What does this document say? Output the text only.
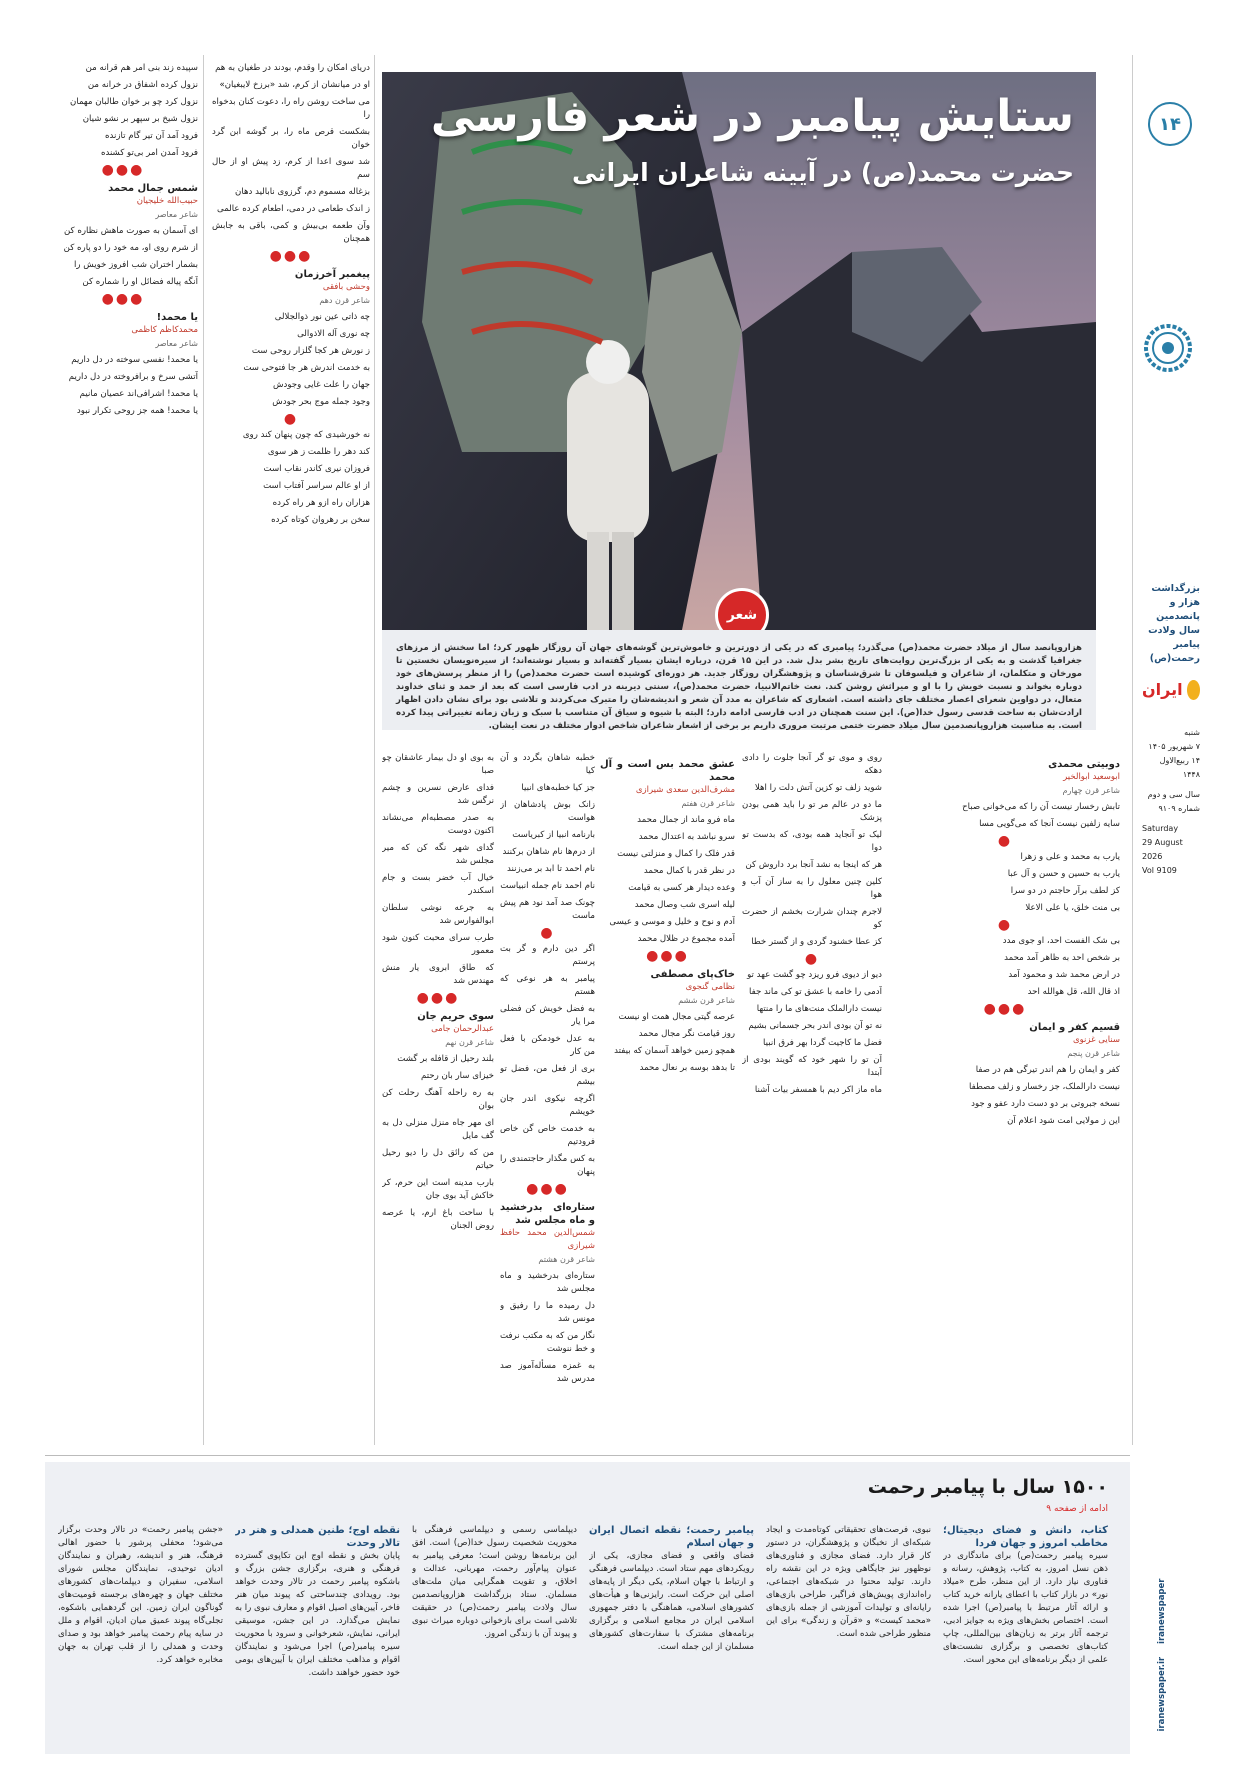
۱۴
بزرگداشت هزار و پانصدمین سال ولادت پیامبر رحمت(ص)
ایران
شنبه
۷ شهریور ۱۴۰۵
۱۴ ربیع‌الاول ۱۴۴۸
سال سی و دوم
شماره ۹۱۰۹
Saturday
29 August 2026
Vol 9109
iranewspaper.ir iranewspaper
ستایش پیامبر در شعر فارسی
حضرت محمد(ص) در آیینه شاعران ایرانی
شعر
هزاروپانصد سال از میلاد حضرت محمد(ص) می‌گذرد؛ پیامبری که در یکی از دورترین و خاموش‌ترین گوشه‌های جهان آن روزگار ظهور کرد؛ اما سخنش از مرزهای جغرافیا گذشت و به یکی از بزرگ‌ترین روایت‌های تاریخ بشر بدل شد. در این ۱۵ قرن، درباره ایشان بسیار گفته‌اند و بسیار نوشته‌اند؛ از سیره‌نویسان نخستین تا مورخان و متکلمان، از شاعران و فیلسوفان تا شرق‌شناسان و پژوهشگران روزگار جدید. هر دوره‌ای کوشیده است حضرت محمد(ص) را از منظر پرسش‌های خود دوباره بخواند و نسبت خویش را با او و میراثش روشن کند. نعت خاتم‌الانبیا، حضرت محمد(ص)، سنتی دیرینه در ادب فارسی است که بعد از حمد و ثنای خداوند متعال، در دواوین شعرای اعصار مختلف جای داشته است. اشعاری که شاعران به مدد آن شعر و اندیشه‌شان را متبرک می‌کردند و تلاشی بود برای نشان دادن اظهار ارادت‌شان به ساحت قدسی رسول خدا(ص). این سنت همچنان در ادب فارسی ادامه دارد؛ البته با شیوه و سیاق آن متناسب با سبک و زبان زمانه تغییراتی پیدا کرده است. به مناسبت هزاروپانصدمین سال میلاد حضرت ختمی مرتبت مروری داریم بر برخی از اشعار شاعران شاخص ادوار مختلف در نعت ایشان.
دوبیتی محمدی
ابوسعید ابوالخیر
شاعر قرن چهارم

تابش رخسار نیست آن را که می‌خوانی صباح

سایه زلفین نیست آنجا که می‌گویی مسا

●

یارب به محمد و علی و زهرا

یارب به حسین و حسن و آل عبا

کز لطف برآر حاجتم در دو سرا

بی منت خلق، یا علی الاعلا

●

بی شک الفست احد، او جوی مدد

بر شخص احد به ظاهر آمد محمد

در ارض محمد شد و محمود آمد

اذ قال الله، قل هوالله احد

●●●
قسیم کفر و ایمان
سنایی غزنوی
شاعر قرن پنجم

کفر و ایمان را هم اندر تیرگی هم در صفا

نیست دارالملک، جز رخسار و زلف مصطفا

نسخه جبروتی بر دو دست دارد عفو و جود

این ز مولایی امت شود اعلام آن

روی و موی تو گر آنجا جلوت را دادی دهکه

شوید زلف تو کزین آتش دلت را اهلا

ما دو در عالم مر تو را باید همی بودن پزشک

لیک تو آنجاید همه بودی، که بدست تو دوا

هر که اینجا به نشد آنجا برد داروش کن

کلین چنین معلول را به ساز آن آب و هوا

لاجرم چندان شرارت بخشم از حضرت کو

کز عطا خشنود گردی و از گستر خطا

●

دیو از دیوی فرو ریزد چو گشت عهد تو

آدمی را خامه با عشق تو کی ماند جفا

نیست دارالملک منت‌های ما را منتها

نه تو آن بودی اندر بحر جسمانی بشیم

فضل ما کاجیت گردا بهر فرق انبیا

آن تو را شهر خود که گویند بودی از آبتدا

ماه ماز اکر دیم با همسفر بیات آشنا

عشق محمد بس است و آل محمد
مشرف‌الدین سعدی شیرازی
شاعر قرن هفتم

ماه فرو ماند از جمال محمد

سرو نباشد به اعتدال محمد

قدر فلک را کمال و منزلتی نیست

در نظر قدر با کمال محمد

وعده دیدار هر کسی به قیامت

لیله اسری شب وصال محمد

آدم و نوح و خلیل و موسی و عیسی

آمده مجموع در ظلال محمد

●●●
خاک‌پای مصطفی
نظامی گنجوی
شاعر قرن ششم

عرصه گیتی مجال همت او نیست

روز قیامت نگر مجال محمد

همچو زمین خواهد آسمان که بیفتد

تا بدهد بوسه بر نعال محمد

خطبه شاهان بگردد و آن کیا

جز کیا خطبه‌های انبیا

زانک بوش پادشاهان از هواست

بارنامه انبیا از کبریاست

از درم‌ها نام شاهان برکنند

نام احمد تا ابد بر می‌زنند

نام احمد نام جمله انبیاست

چونک صد آمد نود هم پیش ماست

●

اگر دین دارم و گر بت پرستم

پیامبر به هر نوعی که هستم

به فضل خویش کن فضلی مرا یار

به عدل خودمکن با فعل من کار

بری از فعل من، فضل تو بیشم

اگرچه نیکوی اندر جان خویشم

به خدمت خاص گن خاص فرودتیم

به کس مگذار حاجتمندی را پنهان

●●●
ستاره‌ای بدرخشید و ماه مجلس شد
شمس‌الدین محمد حافظ شیرازی
شاعر قرن هشتم

ستاره‌ای بدرخشید و ماه مجلس شد

دل رمیده ما را رفیق و مونس شد

نگار من که به مکتب نرفت و خط ننوشت

به غمزه مسأله‌آموز صد مدرس شد

به بوی او دل بیمار عاشقان چو صبا

فدای عارض نسرین و چشم نرگس شد

به صدر مصطبه‌ام می‌نشاند اکنون دوست

گدای شهر نگه کن که میر مجلس شد

خیال آب خضر بست و جام اسکندر

به جرعه نوشی سلطان ابوالفوارس شد

طرب سرای محبت کنون شود معمور

که طاق ابروی یار منش مهندس شد

●●●
سوی حریم جان
عبدالرحمان جامی
شاعر قرن نهم

بلند رحیل از قافله بر گشت

خیزای سار بان رحتم

به ره راحله آهنگ رحلت کن بوان

ای مهر جاه منزل منزلی دل به گف مایل

من که رائق دل را دیو رحیل حیاتم

بارب مدینه است این حرم، کر خاکش آید بوی جان

با ساحت باغ ارم، یا عرصه روض الجنان

دریای امکان را وقدم، بودند در طغیان به هم

او در میانشان از کرم، شد «برزخ لایبغیان»

می ساخت روشن راه را، دعوت کنان بدخواه را

بشکست قرص ماه را، بر گوشه ابن گرد خوان

شد سوی اعدا از کرم، زد پیش او از حال سم

بزغاله مسموم دم، گرزوی نابالید دهان

ز اندک طعامی در دمی، اطعام کرده عالمی

وآن طعمه بی‌بیش و کمی، باقی به جابش همچنان

●●●
پیغمبر آخرزمان
وحشی بافقی
شاعر قرن دهم

چه ذاتی عین نور ذوالجلالی

چه نوری آله الاذوالی

ز نورش هر کجا گلزار روحی ست

به خدمت اندرش هر جا فتوحی ست

جهان را علت غایی وجودش

وجود جمله موج بحر جودش

●

نه خورشیدی که چون پنهان کند روی

کند دهر را ظلمت ز هر سوی

فروزان نیری کاندر نقاب است

از او عالم سراسر آفتاب است

هزاران راه ازو هر راه کرده

سخن بر رهروان کوتاه کرده

سپیده زند بنی امر هم قرانه من

نزول کرده اشفاق در خرانه من

نزول کرد چو بر خوان طالبان مهمان

نزول شیخ بر سپهر بر نشو شیان

فرود آمد آن تیر گام تازنده

فرود آمدن امر بی‌تو کشنده

●●●
شمس جمال محمد
حبیب‌الله خلیجیان
شاعر معاصر

ای آسمان به صورت ماهش نظاره کن

از شرم روی او، مه خود را دو پاره کن

بشمار اختران شب افروز خویش را

آنگه پیاله فضائل او را شماره کن

●●●
یا محمد!
محمدکاظم کاظمی
شاعر معاصر

یا محمد! نفسی سوخته در دل داریم

آتشی سرخ و برافروخته در دل داریم

یا محمد! اشرافی‌اند عصیان مانیم

یا محمد! همه جز روحی تکرار نبود

۱۵۰۰ سال با پیامبر رحمت
ادامه از صفحه ۹
کتاب، دانش و فضای دیجیتال؛ مخاطب امروز و جهان فردا
سیره پیامبر رحمت(ص) برای ماندگاری در ذهن نسل امروز، به کتاب، پژوهش، رسانه و فناوری نیاز دارد. از این منظر، طرح «میلاد نور» در بازار کتاب با اعطای یارانه خرید کتاب و ارائه آثار مرتبط با پیامبر(ص) اجرا شده است. اختصاص بخش‌های ویژه به جوایز ادبی، ترجمه آثار برتر به زبان‌های بین‌المللی، چاپ کتاب‌های تخصصی و برگزاری نشست‌های علمی از دیگر برنامه‌های این محور است.
نبوی، فرصت‌های تحقیقاتی کوتاه‌مدت و ایجاد شبکه‌ای از نخبگان و پژوهشگران، در دستور کار قرار دارد. فضای مجازی و فناوری‌های نوظهور نیز جایگاهی ویژه در این نقشه راه دارند. تولید محتوا در شبکه‌های اجتماعی، راه‌اندازی پویش‌های فراگیر، طراحی بازی‌های رایانه‌ای و تولیدات آموزشی از جمله بازی‌های «محمد کیست» و «قرآن و زندگی» برای این منظور طراحی شده است.
پیامبر رحمت؛ نقطه اتصال ایران و جهان اسلام
فضای واقعی و فضای مجازی، یکی از رویکردهای مهم ستاد است. دیپلماسی فرهنگی و ارتباط با جهان اسلام، یکی دیگر از پایه‌های اصلی این حرکت است. رایزنی‌ها و هیأت‌های کشورهای اسلامی، هماهنگی با دفتر جمهوری اسلامی ایران در مجامع اسلامی و برگزاری برنامه‌های مشترک با سفارت‌های کشورهای مسلمان از این جمله است.
دیپلماسی رسمی و دیپلماسی فرهنگی با محوریت شخصیت رسول خدا(ص) است. افق این برنامه‌ها روشن است؛ معرفی پیامبر به عنوان پیام‌آور رحمت، مهربانی، عدالت و اخلاق، و تقویت همگرایی میان ملت‌های مسلمان. ستاد بزرگداشت هزاروپانصدمین سال ولادت پیامبر رحمت(ص) در حقیقت تلاشی است برای بازخوانی دوباره میراث نبوی و پیوند آن با زندگی امروز.
نقطه اوج؛ طنین همدلی و هنر در تالار وحدت
پایان بخش و نقطه اوج این تکاپوی گسترده فرهنگی و هنری، برگزاری جشن بزرگ و باشکوه پیامبر رحمت در تالار وحدت خواهد بود. رویدادی چندساحتی که پیوند میان هنر فاخر، آیین‌های اصیل اقوام و معارف نبوی را به نمایش می‌گذارد. در این جشن، موسیقی ایرانی، نمایش، شعرخوانی و سرود با محوریت سیره پیامبر(ص) اجرا می‌شود و نمایندگان اقوام و مذاهب مختلف ایران با آیین‌های بومی خود حضور خواهند داشت.
«جشن پیامبر رحمت» در تالار وحدت برگزار می‌شود؛ محفلی پرشور با حضور اهالی فرهنگ، هنر و اندیشه، رهبران و نمایندگان ادیان توحیدی، نمایندگان مجلس شورای اسلامی، سفیران و دیپلمات‌های کشورهای مختلف جهان و چهره‌های برجسته قومیت‌های گوناگون ایران زمین. این گردهمایی باشکوه، تجلی‌گاه پیوند عمیق میان ادیان، اقوام و ملل در سایه پیام رحمت پیامبر خواهد بود و صدای وحدت و همدلی را از قلب تهران به جهان مخابره خواهد کرد.
